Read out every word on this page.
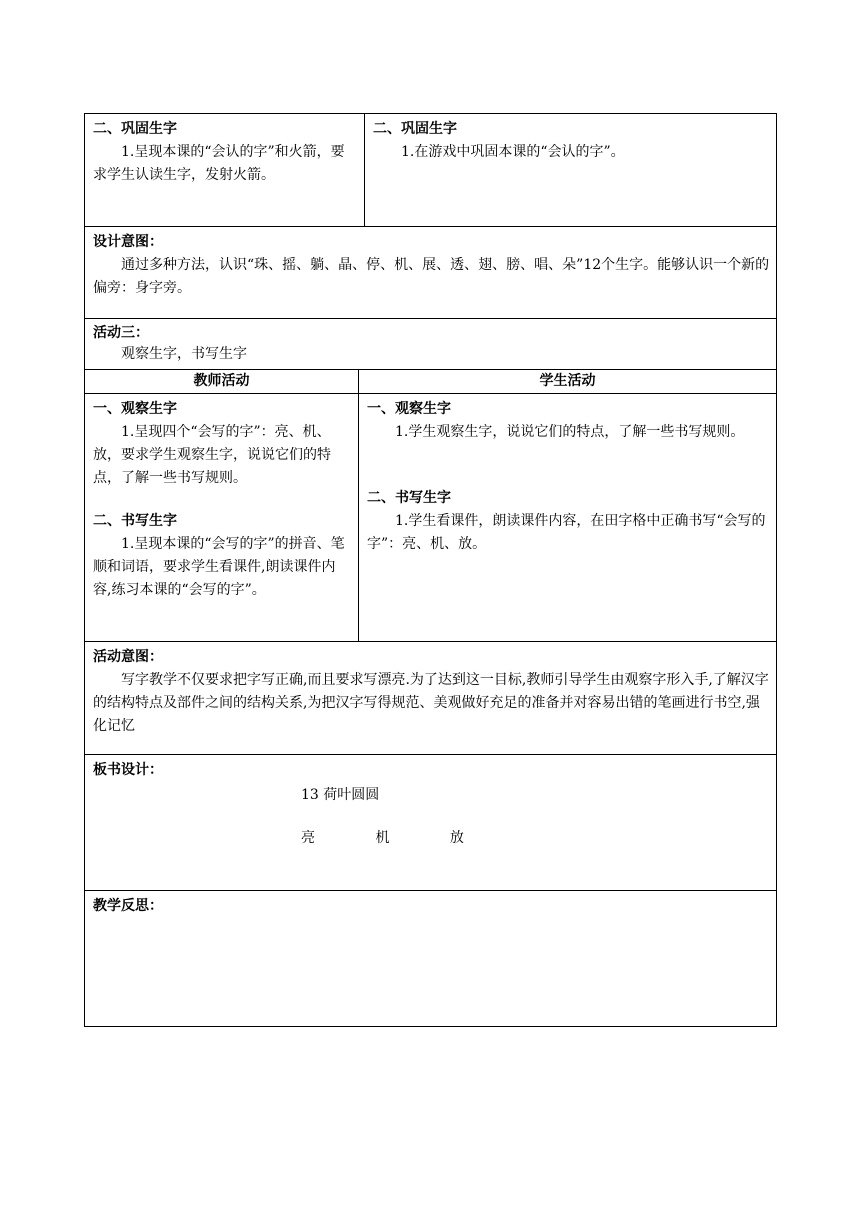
二、巩固生字
1.呈现本课的“会认的字”和火箭，要求学生认读生字，发射火箭。		二、巩固生字
1.在游戏中巩固本课的“会认的字”。

设计意图：
通过多种方法，认识“珠、摇、躺、晶、停、机、展、透、翅、膀、唱、朵”12个生字。能够认识一个新的偏旁：身字旁。		

活动三：
观察生字，书写生字		

教师活动	学生活动	

一、观察生字
1.呈现四个“会写的字”：亮、机、放，要求学生观察生字，说说它们的特点，了解一些书写规则。
二、书写生字
1.呈现本课的“会写的字”的拼音、笔顺和词语，要求学生看课件,朗读课件内容,练习本课的“会写的字”。	一、观察生字
1.学生观察生字，说说它们的特点，了解一些书写规则。
二、书写生字
1.学生看课件，朗读课件内容，在田字格中正确书写“会写的字”：亮、机、放。	

活动意图：
写字教学不仅要求把字写正确,而且要求写漂亮.为了达到这一目标,教师引导学生由观察字形入手,了解汉字的结构特点及部件之间的结构关系,为把汉字写得规范、美观做好充足的准备并对容易出错的笔画进行书空,强化记忆		

板书设计：
13 荷叶圆圆
亮 机 放		

教学反思：		
